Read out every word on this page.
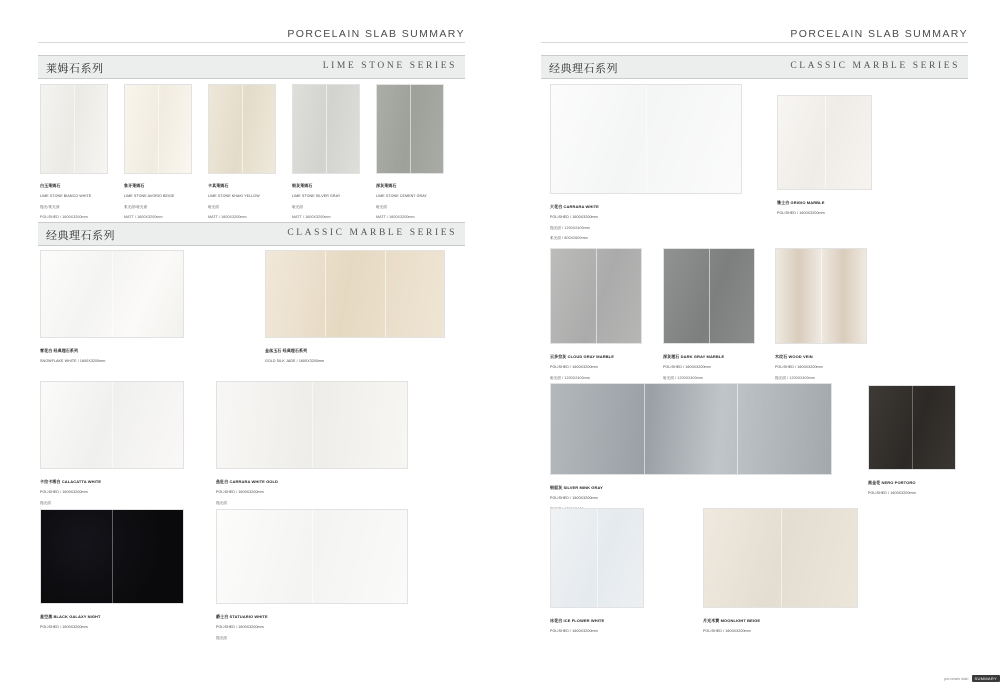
PORCELAIN SLAB SUMMARY
莱姆石系列	LIME STONE SERIES

白玉莱姆石

LIME STONE BIANCO WHITE

抛光/柔光面

POLISHED / 1600X3200mm

象牙莱姆石

LIME STONE AVORIO BEIGE

柔光面/哑光面

MATT / 1600X3200mm

卡其莱姆石

LIME STONE KHAKI YELLOW

哑光面

MATT / 1600X3200mm

银灰莱姆石

LIME STONE SILVER GRAY

哑光面

MATT / 1600X3200mm

深灰莱姆石

LIME STONE CEMENT GRAY

哑光面

MATT / 1600X3200mm

经典理石系列	CLASSIC MARBLE SERIES

雪花白 经典理石系列

SNOWFLAKE WHITE / 1600X3200mm

金丝玉石 经典理石系列

GOLD SILK JADE / 1600X3200mm

卡拉卡塔白 CALACATTA WHITE

POLISHED / 1600X3200mm

抛光面

鱼肚白 CARRARA WHITE GOLD

POLISHED / 1600X3200mm

抛光面

星空黑 BLACK GALAXY NIGHT

POLISHED / 1600X3200mm

爵士白 STATUARIO WHITE

POLISHED / 1600X3200mm

抛光面

PORCELAIN SLAB SUMMARY
经典理石系列	CLASSIC MARBLE SERIES

大花白 CARRARA WHITE

POLISHED / 1600X3200mm

抛光面 / 1200X2400mm

柔光面 / 800X2600mm

雅士白 GRIGIO MARBLE

POLISHED / 1600X3200mm

云多拉灰 CLOUD GRAY MARBLE

POLISHED / 1600X3200mm

哑光面 / 1200X2400mm

深灰理石 DARK GRAY MARBLE

POLISHED / 1600X3200mm

哑光面 / 1200X2400mm

木纹石 WOOD VEIN

POLISHED / 1600X3200mm

抛光面 / 1200X2400mm

银貂灰 SILVER MINK GRAY

POLISHED / 1600X3200mm

黑金花 NERO PORTORO

POLISHED / 1600X3200mm

冰花白 ICE FLOWER WHITE

POLISHED / 1600X3200mm

月光米黄 MOONLIGHT BEIGE

POLISHED / 1600X3200mm

porcelain slab	SUMMARY
